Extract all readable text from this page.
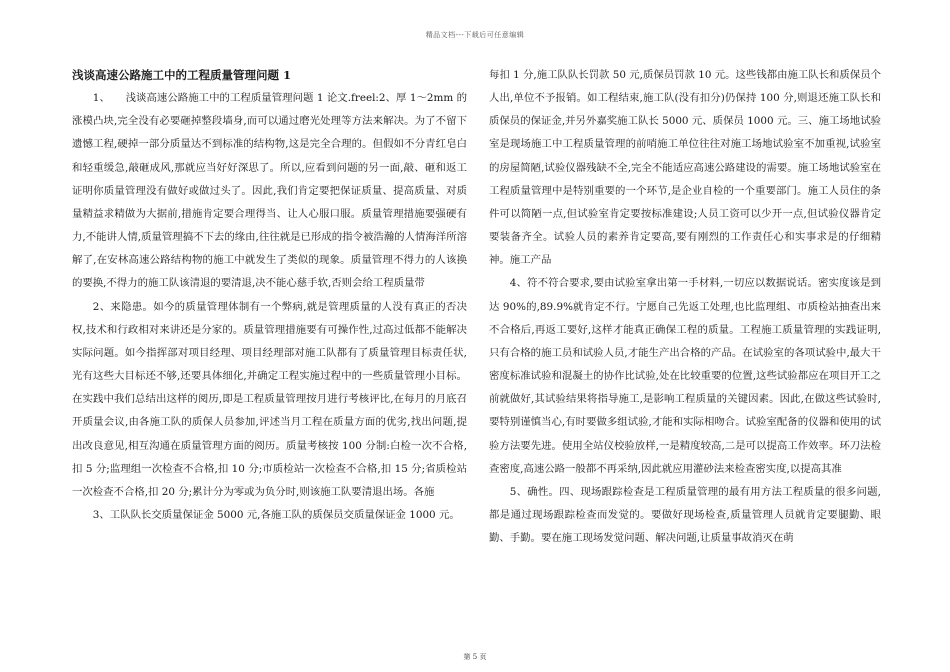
精品文档---下载后可任意编辑
浅谈高速公路施工中的工程质量管理问题 1

1、　　浅谈高速公路施工中的工程质量管理问题 1 论文.freel:2、厚 1～2mm 的涨模凸块,完全没有必要砸掉整段墙身,而可以通过磨光处理等方法来解决。为了不留下遗憾工程,硬掉一部分质量达不到标准的结构物,这是完全合理的。但假如不分青红皂白和轻重缓急,敲砸成风,那就应当好好深思了。所以,应看到问题的另一面,敲、砸和返工证明你质量管理没有做好或做过头了。因此,我们肯定要把保证质量、提高质量、对质量精益求精做为大据前,措施肯定要合理得当、让人心服口服。质量管理措施要强硬有力,不能讲人情,质量管理搞不下去的缘由,往往就是已形成的指令被浩瀚的人情海洋所溶解了,在安林高速公路结构物的施工中就发生了类似的现象。质量管理不得力的人该换的要换,不得力的施工队该清退的要清退,决不能心慈手软,否则会给工程质量带

2、来隐患。如今的质量管理体制有一个弊病,就是管理质量的人没有真正的否决权,技术和行政相对来讲还是分家的。质量管理措施要有可操作性,过高过低都不能解决实际问题。如今指挥部对项目经理、项目经理部对施工队都有了质量管理目标责任状,光有这些大目标还不够,还要具体细化,并确定工程实施过程中的一些质量管理小目标。在实践中我们总结出这样的阅历,即是工程质量管理按月进行考核评比,在每月的月底召开质量会议,由各施工队的质保人员参加,评述当月工程在质量方面的优劣,找出问题,提出改良意见,相互沟通在质量管理方面的阅历。质量考核按 100 分制:白检一次不合格,扣 5 分;监理组一次检查不合格,扣 10 分;市质检站一次检查不合格,扣 15 分;省质检站一次检查不合格,扣 20 分;累计分为零或为负分时,则该施工队要清退出场。各施

3、工队队长交质量保证金 5000 元,各施工队的质保员交质量保证金 1000 元。

每扣 1 分,施工队队长罚款 50 元,质保员罚款 10 元。这些钱都由施工队长和质保员个人出,单位不予报销。如工程结束,施工队(没有扣分)仍保持 100 分,则退还施工队长和质保员的保证金,并另外嘉奖施工队长 5000 元、质保员 1000 元。三、施工场地试验室是现场施工中工程质量管理的前哨施工单位往往对施工场地试验室不加重视,试验室的房屋简陋,试验仪器残缺不全,完全不能适应高速公路建设的需要。施工场地试验室在工程质量管理中是特别重要的一个环节,是企业自检的一个重要部门。施工人员住的条件可以简陋一点,但试验室肯定要按标准建设;人员工资可以少开一点,但试验仪器肯定要装备齐全。试验人员的素养肯定要高,要有刚烈的工作责任心和实事求是的仔细精神。施工产品

4、符不符合要求,要由试验室拿出第一手材料,一切应以数据说话。密实度该是到达 90%的,89.9%就肯定不行。宁愿自己先返工处理,也比监理组、市质检站抽查出来不合格后,再返工要好,这样才能真正确保工程的质量。工程施工质量管理的实践证明,只有合格的施工员和试验人员,才能生产出合格的产品。在试验室的各项试验中,最大干密度标准试验和混凝土的协作比试验,处在比较重要的位置,这些试验都应在项目开工之前就做好,其试验结果将指导施工,是影响工程质量的关键因素。因此,在做这些试验时,要特别谨慎当心,有时要做多组试验,才能和实际相吻合。试验室配备的仪器和使用的试验方法要先进。使用全站仪校验放样,一是精度较高,二是可以提高工作效率。环刀法检查密度,高速公路一般都不再采纳,因此就应用灌砂法来检查密实度,以提高其准

5、确性。四、现场跟踪检查是工程质量管理的最有用方法工程质量的很多问题,都是通过现场跟踪检查而发觉的。要做好现场检查,质量管理人员就肯定要腿勤、眼勤、手勤。要在施工现场发觉问题、解决问题,让质量事故消灭在萌

第 5 页
